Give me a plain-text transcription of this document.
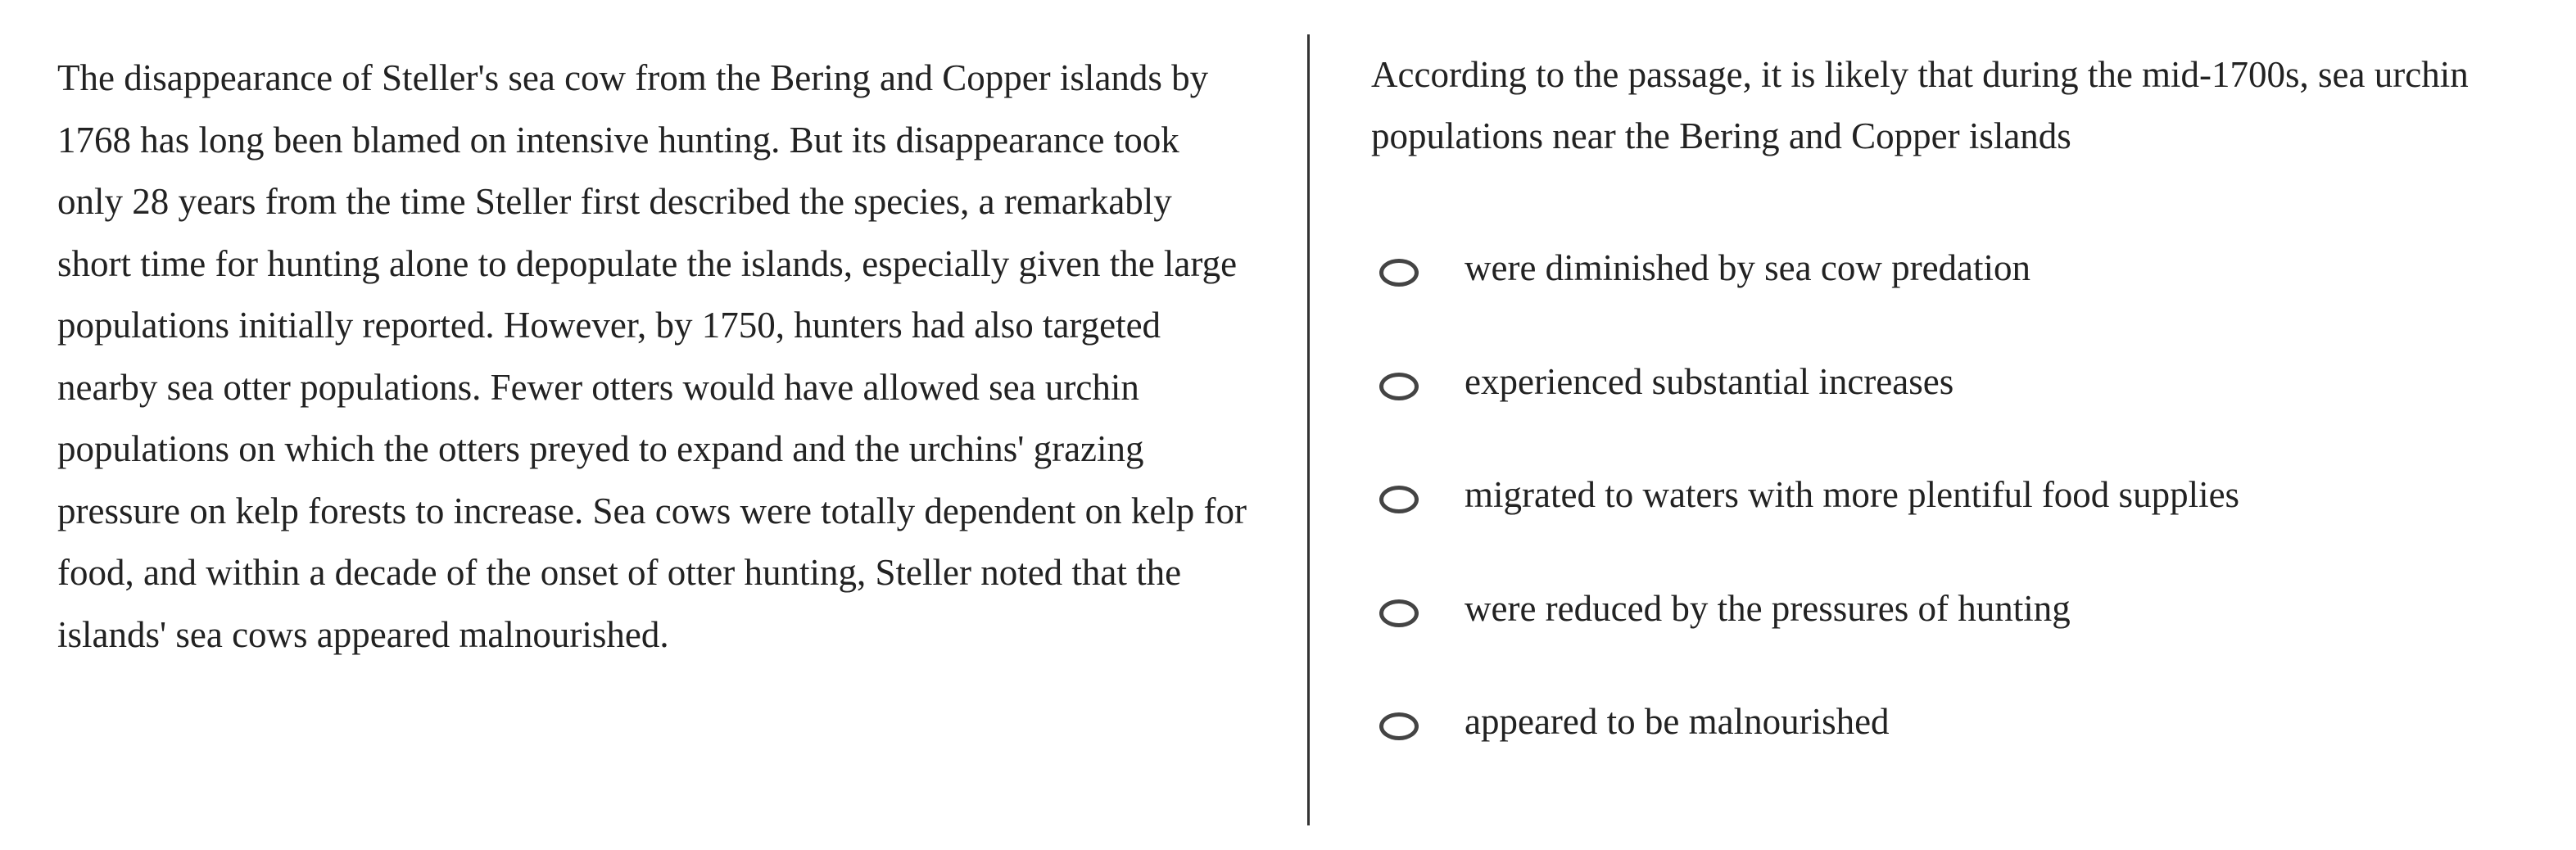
The disappearance of Steller's sea cow from the Bering and Copper islands by 1768 has long been blamed on intensive hunting. But its disappearance took only 28 years from the time Steller first described the species, a remarkably short time for hunting alone to depopulate the islands, especially given the large populations initially reported. However, by 1750, hunters had also targeted nearby sea otter populations. Fewer otters would have allowed sea urchin populations on which the otters preyed to expand and the urchins' grazing pressure on kelp forests to increase. Sea cows were totally dependent on kelp for food, and within a decade of the onset of otter hunting, Steller noted that the islands' sea cows appeared malnourished.

According to the passage, it is likely that during the mid-1700s, sea urchin populations near the Bering and Copper islands

were diminished by sea cow predation
experienced substantial increases
migrated to waters with more plentiful food supplies
were reduced by the pressures of hunting
appeared to be malnourished
